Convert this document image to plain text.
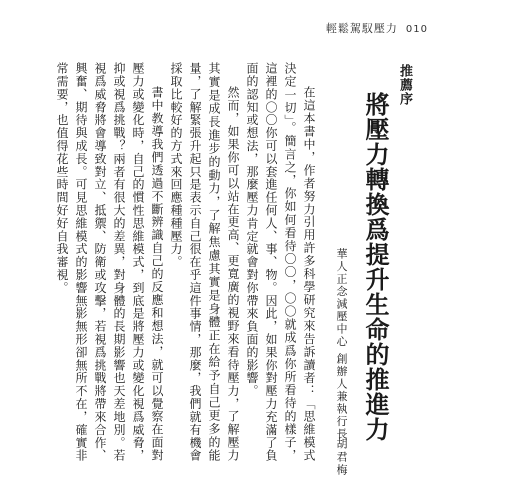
輕鬆駕馭壓力 010
推薦序
將壓力轉換爲提升生命的推進力
華人正念減壓中心 創辦人兼執行長
胡君梅

在這本書中，作者努力引用許多科學研究來告訴讀者：「思維模式決定一切」。簡言之，你如何看待〇〇，〇〇就成爲你所看待的樣子，這裡的〇〇你可以套進任何人、事、物。因此，如果你對壓力充滿了負面的認知或想法，那麼壓力肯定就會對你帶來負面的影響。

然而，如果你可以站在更高、更寬廣的視野來看待壓力，了解壓力其實是成長進步的動力，了解焦慮其實是身體正在給予自己更多的能量，了解緊張升起只是表示自己很在乎這件事情，那麼，我們就有機會採取比較好的方式來回應種種壓力。

書中教導我們透過不斷辨識自己的反應和想法，就可以覺察在面對壓力或變化時，自己的慣性思維模式，到底是將壓力或變化視爲威脅，抑或視爲挑戰？兩者有很大的差異，對身體的長期影響也天差地別。若視爲威脅將會導致對立、抵禦、防衛或攻擊，若視爲挑戰將帶來合作、興奮、期待與成長。可見思維模式的影響無影無形卻無所不在，確實非常需要，也值得花些時間好好自我審視。
